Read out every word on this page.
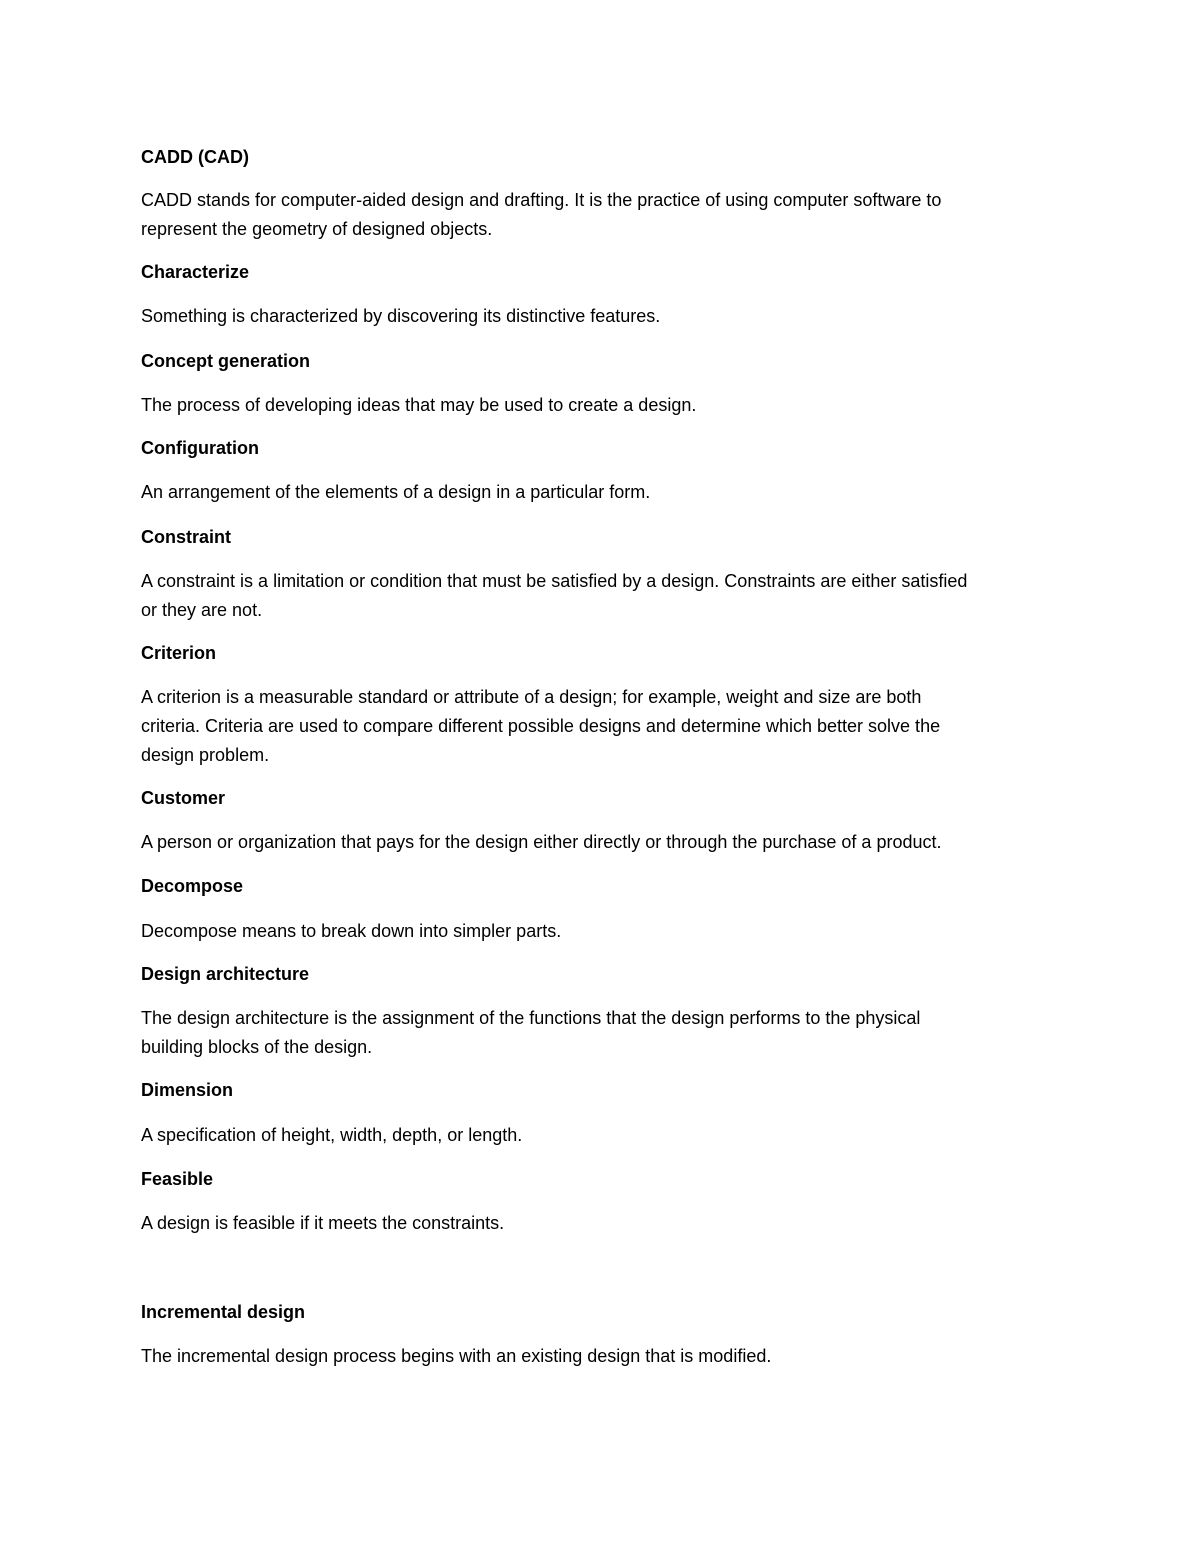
CADD (CAD)

CADD stands for computer-aided design and drafting. It is the practice of using computer software to

represent the geometry of designed objects.

Characterize

Something is characterized by discovering its distinctive features.

Concept generation

The process of developing ideas that may be used to create a design.

Configuration

An arrangement of the elements of a design in a particular form.

Constraint

A constraint is a limitation or condition that must be satisfied by a design. Constraints are either satisfied

or they are not.

Criterion

A criterion is a measurable standard or attribute of a design; for example, weight and size are both

criteria. Criteria are used to compare different possible designs and determine which better solve the

design problem.

Customer

A person or organization that pays for the design either directly or through the purchase of a product.

Decompose

Decompose means to break down into simpler parts.

Design architecture

The design architecture is the assignment of the functions that the design performs to the physical

building blocks of the design.

Dimension

A specification of height, width, depth, or length.

Feasible

A design is feasible if it meets the constraints.

Incremental design

The incremental design process begins with an existing design that is modified.
